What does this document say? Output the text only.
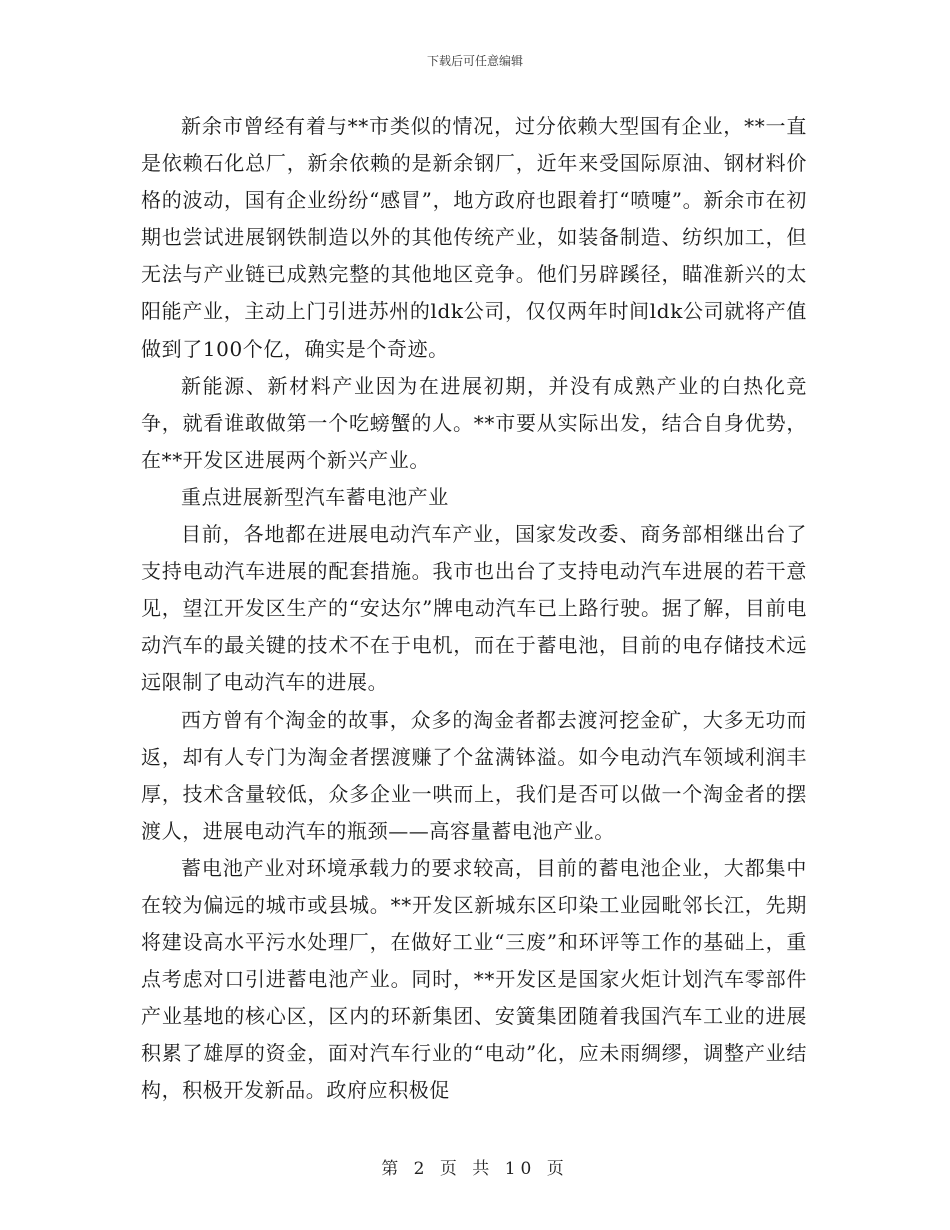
下载后可任意编辑

新余市曾经有着与**市类似的情况，过分依赖大型国有企业，**一直是依赖石化总厂，新余依赖的是新余钢厂，近年来受国际原油、钢材料价格的波动，国有企业纷纷“感冒”，地方政府也跟着打“喷嚏”。新余市在初期也尝试进展钢铁制造以外的其他传统产业，如装备制造、纺织加工，但无法与产业链已成熟完整的其他地区竞争。他们另辟蹊径，瞄准新兴的太阳能产业，主动上门引进苏州的ldk公司，仅仅两年时间ldk公司就将产值做到了100个亿，确实是个奇迹。

新能源、新材料产业因为在进展初期，并没有成熟产业的白热化竞争，就看谁敢做第一个吃螃蟹的人。**市要从实际出发，结合自身优势，在**开发区进展两个新兴产业。

重点进展新型汽车蓄电池产业

目前，各地都在进展电动汽车产业，国家发改委、商务部相继出台了支持电动汽车进展的配套措施。我市也出台了支持电动汽车进展的若干意见，望江开发区生产的“安达尔”牌电动汽车已上路行驶。据了解，目前电动汽车的最关键的技术不在于电机，而在于蓄电池，目前的电存储技术远远限制了电动汽车的进展。

西方曾有个淘金的故事，众多的淘金者都去渡河挖金矿，大多无功而返，却有人专门为淘金者摆渡赚了个盆满钵溢。如今电动汽车领域利润丰厚，技术含量较低，众多企业一哄而上，我们是否可以做一个淘金者的摆渡人，进展电动汽车的瓶颈——高容量蓄电池产业。

蓄电池产业对环境承载力的要求较高，目前的蓄电池企业，大都集中在较为偏远的城市或县城。**开发区新城东区印染工业园毗邻长江，先期将建设高水平污水处理厂，在做好工业“三废”和环评等工作的基础上，重点考虑对口引进蓄电池产业。同时，**开发区是国家火炬计划汽车零部件产业基地的核心区，区内的环新集团、安簧集团随着我国汽车工业的进展积累了雄厚的资金，面对汽车行业的“电动”化，应未雨绸缪，调整产业结构，积极开发新品。政府应积极促

第 2 页 共 10 页
